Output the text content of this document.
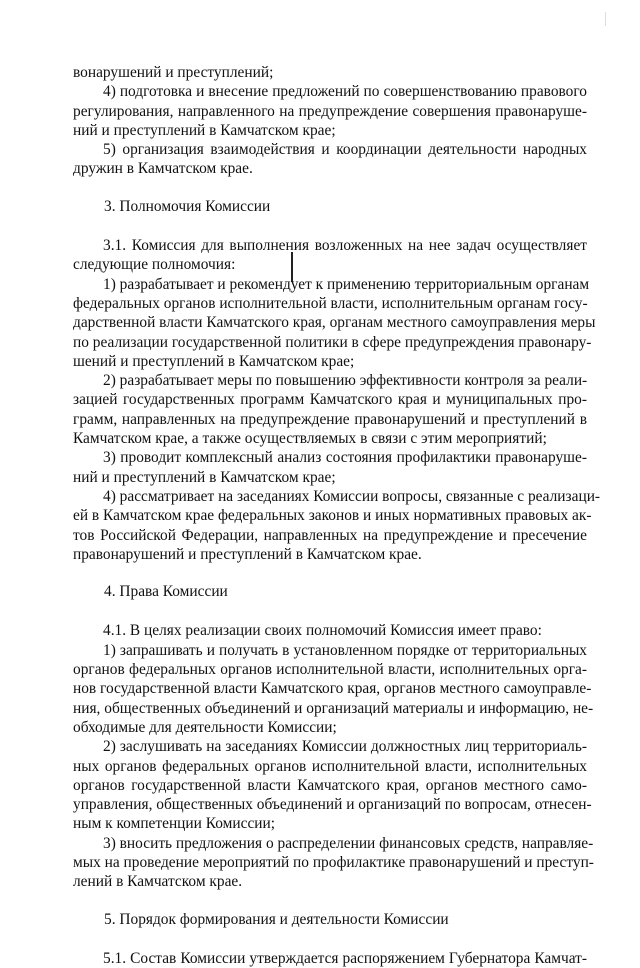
вонарушений и преступлений;

4) подготовка и внесение предложений по совершенствованию правового

регулирования, направленного на предупреждение совершения правонаруше-

ний и преступлений в Камчатском крае;

5) организация взаимодействия и координации деятельности народных

дружин в Камчатском крае.

3. Полномочия Комиссии

3.1. Комиссия для выполнения возложенных на нее задач осуществляет

следующие полномочия:

1) разрабатывает и рекомендует к применению территориальным органам

федеральных органов исполнительной власти, исполнительным органам госу-

дарственной власти Камчатского края, органам местного самоуправления меры

по реализации государственной политики в сфере предупреждения правонару-

шений и преступлений в Камчатском крае;

2) разрабатывает меры по повышению эффективности контроля за реали-

зацией государственных программ Камчатского края и муниципальных про-

грамм, направленных на предупреждение правонарушений и преступлений в

Камчатском крае, а также осуществляемых в связи с этим мероприятий;

3) проводит комплексный анализ состояния профилактики правонаруше-

ний и преступлений в Камчатском крае;

4) рассматривает на заседаниях Комиссии вопросы, связанные с реализаци-

ей в Камчатском крае федеральных законов и иных нормативных правовых ак-

тов Российской Федерации, направленных на предупреждение и пресечение

правонарушений и преступлений в Камчатском крае.

4. Права Комиссии

4.1. В целях реализации своих полномочий Комиссия имеет право:

1) запрашивать и получать в установленном порядке от территориальных

органов федеральных органов исполнительной власти, исполнительных орга-

нов государственной власти Камчатского края, органов местного самоуправле-

ния, общественных объединений и организаций материалы и информацию, не-

обходимые для деятельности Комиссии;

2) заслушивать на заседаниях Комиссии должностных лиц территориаль-

ных органов федеральных органов исполнительной власти, исполнительных

органов государственной власти Камчатского края, органов местного само-

управления, общественных объединений и организаций по вопросам, отнесен-

ным к компетенции Комиссии;

3) вносить предложения о распределении финансовых средств, направляе-

мых на проведение мероприятий по профилактике правонарушений и преступ-

лений в Камчатском крае.

5. Порядок формирования и деятельности Комиссии

5.1. Состав Комиссии утверждается распоряжением Губернатора Камчат-
